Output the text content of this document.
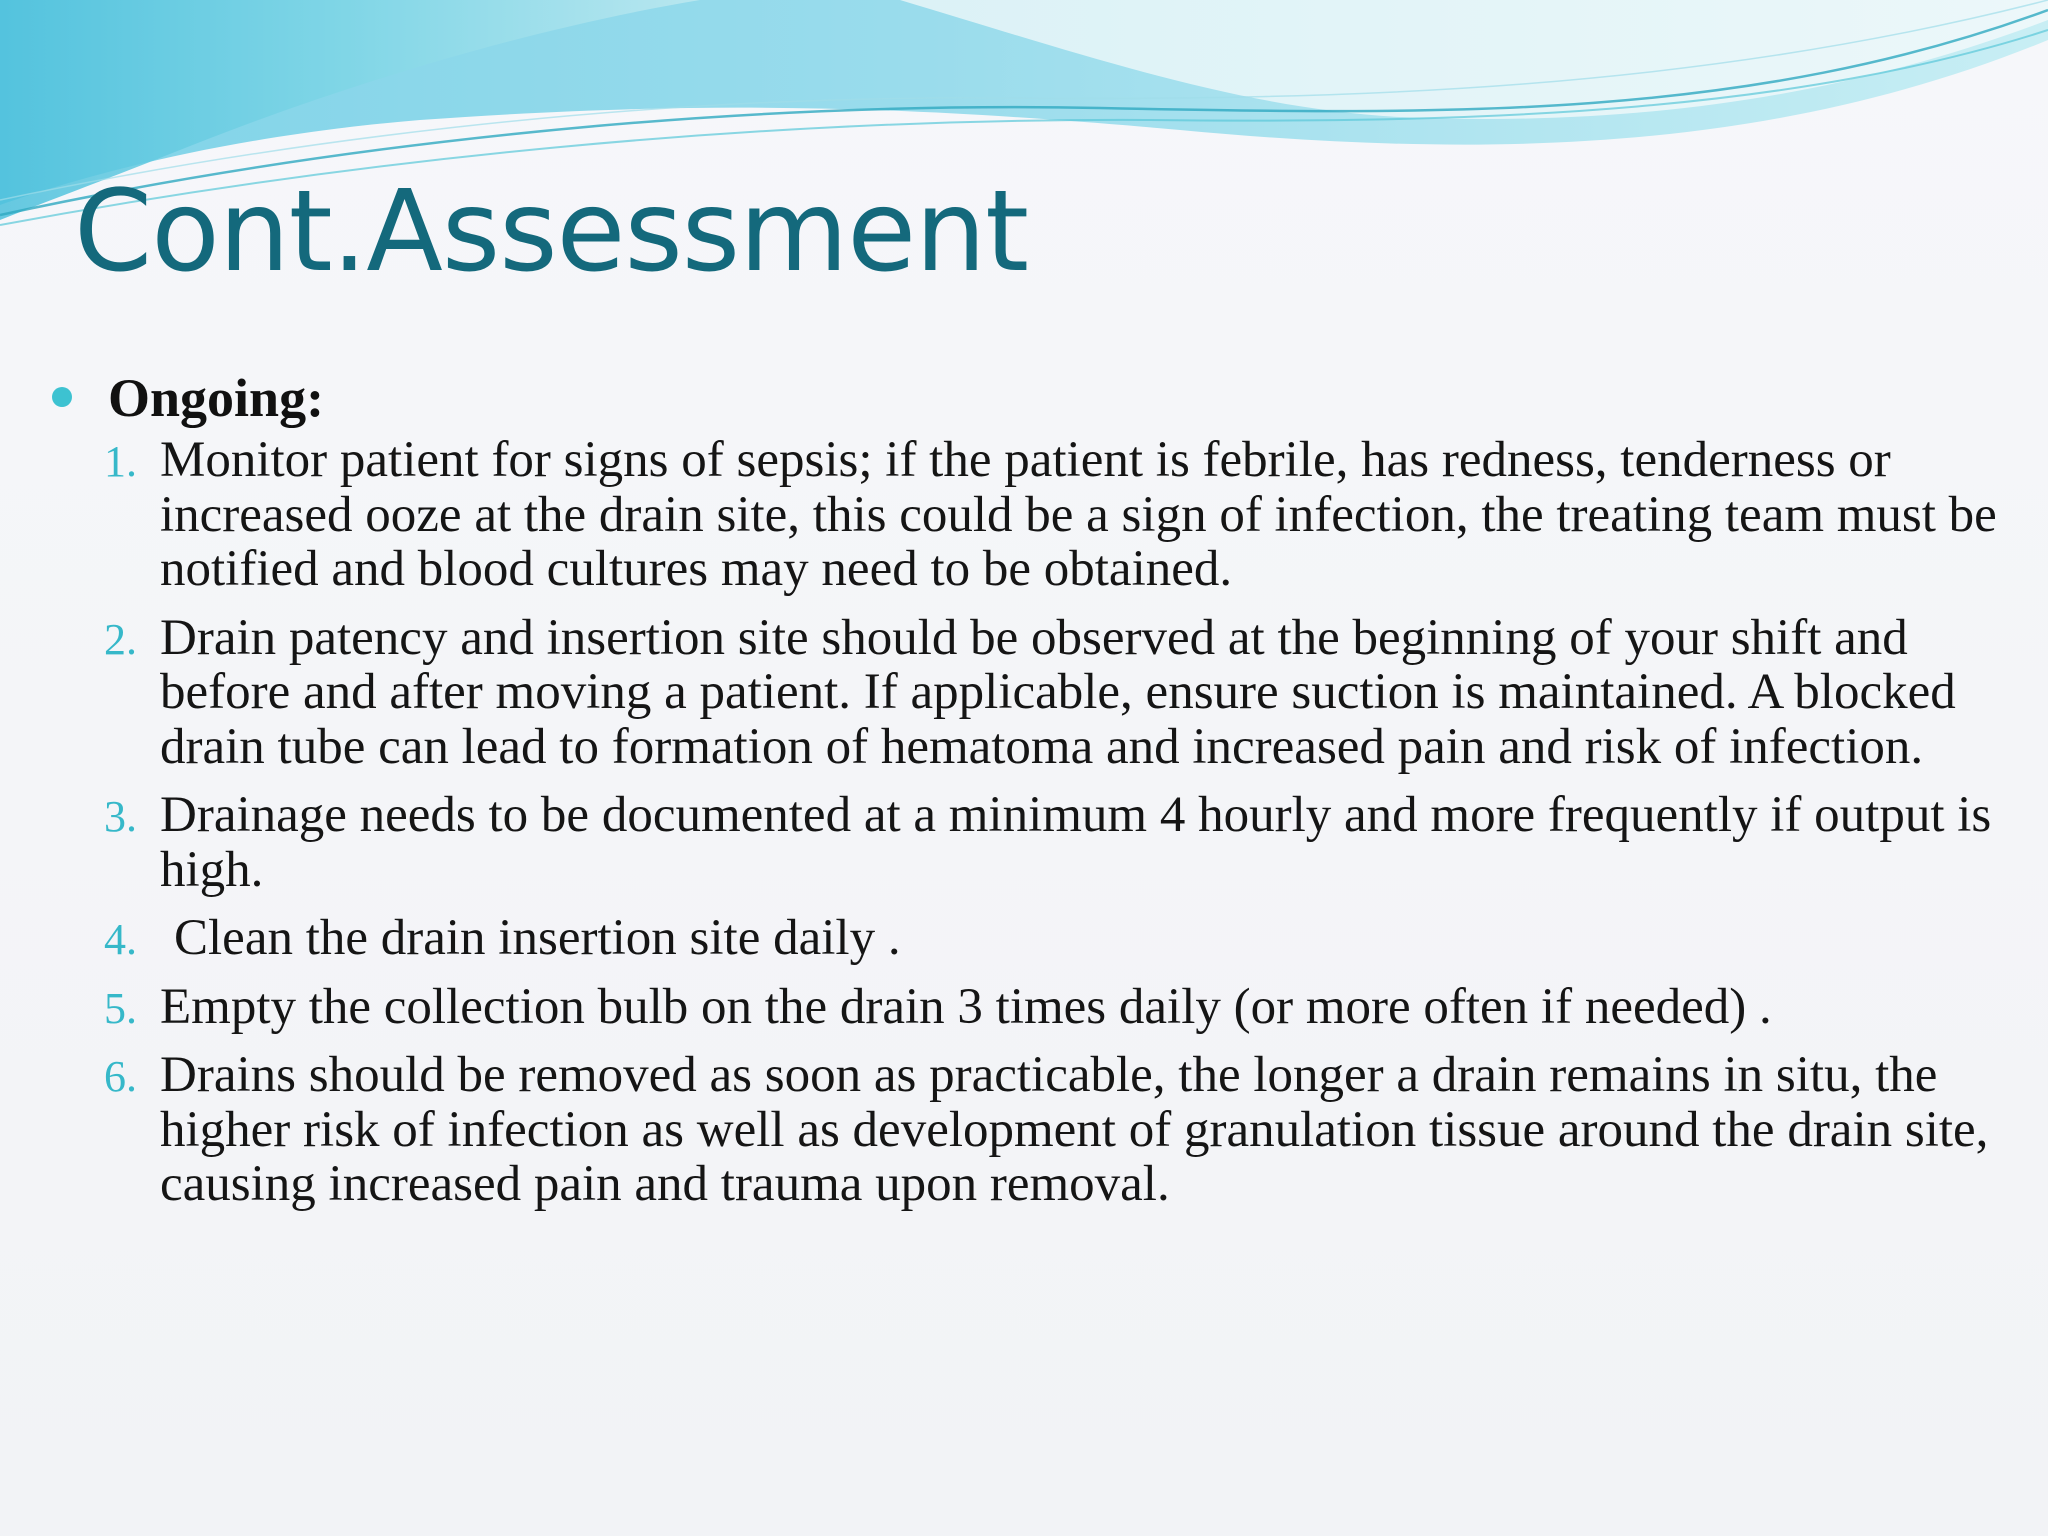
Cont.Assessment
Ongoing:
1. Monitor patient for signs of sepsis; if the patient is febrile, has redness, tenderness or increased ooze at the drain site, this could be a sign of infection, the treating team must be notified and blood cultures may need to be obtained.
2. Drain patency and insertion site should be observed at the beginning of your shift and before and after moving a patient. If applicable, ensure suction is maintained. A blocked drain tube can lead to formation of hematoma and increased pain and risk of infection.
3. Drainage needs to be documented at a minimum 4 hourly and more frequently if output is high.
4. Clean the drain insertion site daily .
5. Empty the collection bulb on the drain 3 times daily (or more often if needed) .
6. Drains should be removed as soon as practicable, the longer a drain remains in situ, the higher risk of infection as well as development of granulation tissue around the drain site, causing increased pain and trauma upon removal.
